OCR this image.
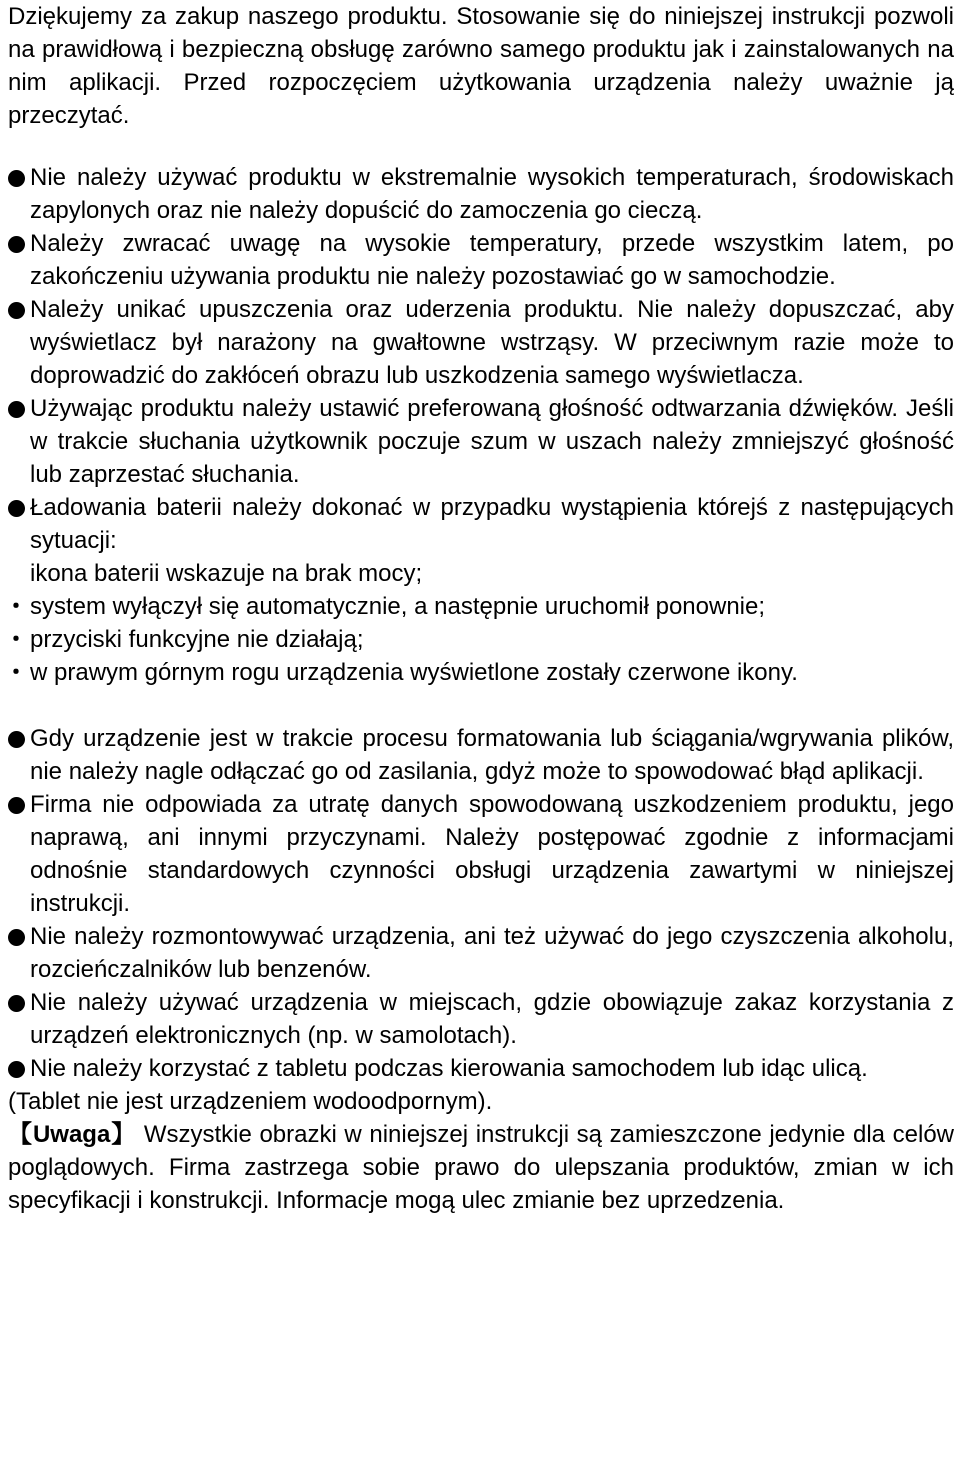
Dziękujemy za zakup naszego produktu. Stosowanie się do niniejszej instrukcji pozwoli na prawidłową i bezpieczną obsługę zarówno samego produktu jak i zainstalowanych na nim aplikacji. Przed rozpoczęciem użytkowania urządzenia należy uważnie ją przeczytać.

Nie należy używać produktu w ekstremalnie wysokich temperaturach, środowiskach zapylonych oraz nie należy dopuścić do zamoczenia go cieczą.
Należy zwracać uwagę na wysokie temperatury, przede wszystkim latem, po zakończeniu używania produktu nie należy pozostawiać go w samochodzie.
Należy unikać upuszczenia oraz uderzenia produktu. Nie należy dopuszczać, aby wyświetlacz był narażony na gwałtowne wstrząsy. W przeciwnym razie może to doprowadzić do zakłóceń obrazu lub uszkodzenia samego wyświetlacza.
Używając produktu należy ustawić preferowaną głośność odtwarzania dźwięków. Jeśli w trakcie słuchania użytkownik poczuje szum w uszach należy zmniejszyć głośność lub zaprzestać słuchania.
Ładowania baterii należy dokonać w przypadku wystąpienia którejś z następujących sytuacji:
ikona baterii wskazuje na brak mocy;
･ system wyłączył się automatycznie, a następnie uruchomił ponownie;
･ przyciski funkcyjne nie działają;
･ w prawym górnym rogu urządzenia wyświetlone zostały czerwone ikony.
Gdy urządzenie jest w trakcie procesu formatowania lub ściągania/wgrywania plików, nie należy nagle odłączać go od zasilania, gdyż może to spowodować błąd aplikacji.
Firma nie odpowiada za utratę danych spowodowaną uszkodzeniem produktu, jego naprawą, ani innymi przyczynami. Należy postępować zgodnie z informacjami odnośnie standardowych czynności obsługi urządzenia zawartymi w niniejszej instrukcji.
Nie należy rozmontowywać urządzenia, ani też używać do jego czyszczenia alkoholu, rozcieńczalników lub benzenów.
Nie należy używać urządzenia w miejscach, gdzie obowiązuje zakaz korzystania z urządzeń elektronicznych (np. w samolotach).
Nie należy korzystać z tabletu podczas kierowania samochodem lub idąc ulicą.

(Tablet nie jest urządzeniem wodoodpornym).

【Uwaga】 Wszystkie obrazki w niniejszej instrukcji są zamieszczone jedynie dla celów poglądowych. Firma zastrzega sobie prawo do ulepszania produktów, zmian w ich specyfikacji i konstrukcji. Informacje mogą ulec zmianie bez uprzedzenia.
